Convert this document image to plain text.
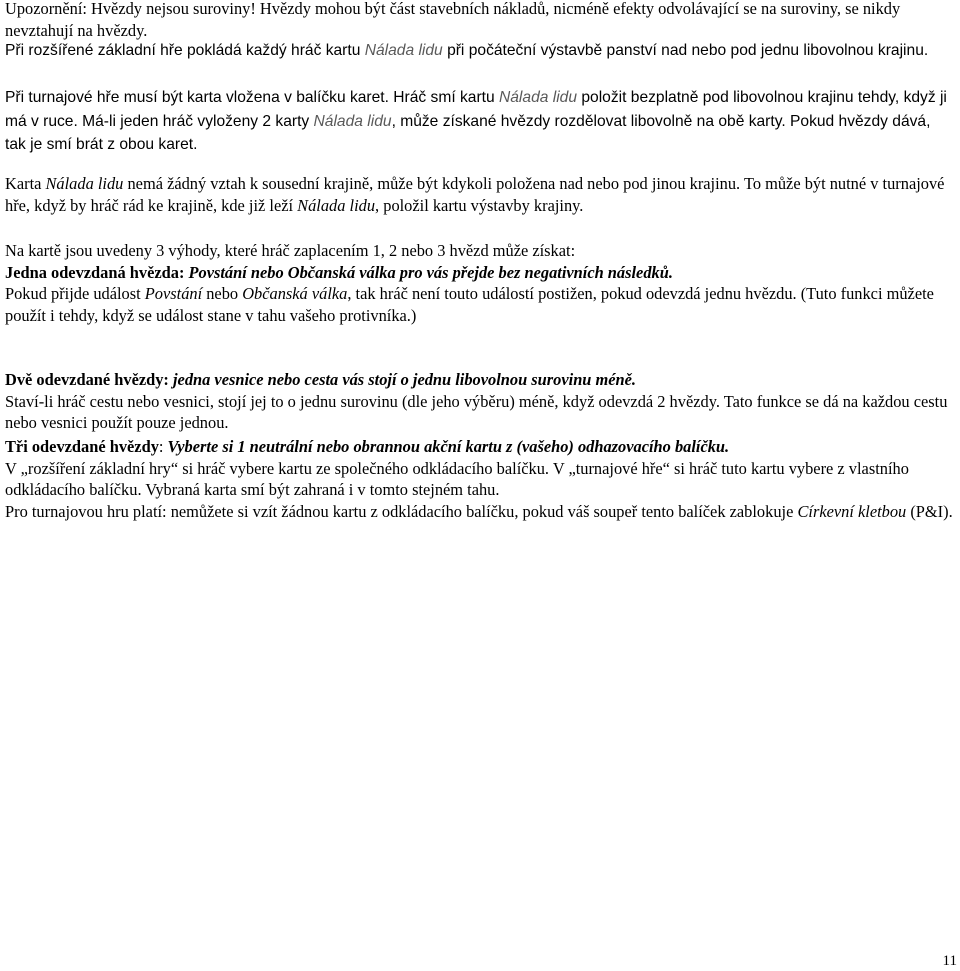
Upozornění: Hvězdy nejsou suroviny! Hvězdy mohou být část stavebních nákladů, nicméně efekty odvolávající se na suroviny, se nikdy nevztahují na hvězdy.

Při rozšířené základní hře pokládá každý hráč kartu Nálada lidu při počáteční výstavbě panství nad nebo pod jednu libovolnou krajinu.

Při turnajové hře musí být karta vložena v balíčku karet. Hráč smí kartu Nálada lidu položit bezplatně pod libovolnou krajinu tehdy, když ji má v ruce. Má-li jeden hráč vyloženy 2 karty Nálada lidu, může získané hvězdy rozdělovat libovolně na obě karty. Pokud hvězdy dává, tak je smí brát z obou karet.

Karta Nálada lidu nemá žádný vztah k sousední krajině, může být kdykoli položena nad nebo pod jinou krajinu. To může být nutné v turnajové hře, když by hráč rád ke krajině, kde již leží Nálada lidu, položil kartu výstavby krajiny.

Na kartě jsou uvedeny 3 výhody, které hráč zaplacením 1, 2 nebo 3 hvězd může získat:
Jedna odevzdaná hvězda: Povstání nebo Občanská válka pro vás přejde bez negativních následků.
Pokud přijde událost Povstání nebo Občanská válka, tak hráč není touto událostí postižen, pokud odevzdá jednu hvězdu. (Tuto funkci můžete použít i tehdy, když se událost stane v tahu vašeho protivníka.)
Dvě odevzdané hvězdy: jedna vesnice nebo cesta vás stojí o jednu libovolnou surovinu méně.
Staví-li hráč cestu nebo vesnici, stojí jej to o jednu surovinu (dle jeho výběru) méně, když odevzdá 2 hvězdy. Tato funkce se dá na každou cestu nebo vesnici použít pouze jednou.
Tři odevzdané hvězdy: Vyberte si 1 neutrální nebo obrannou akční kartu z (vašeho) odhazovacího balíčku.
V „rozšíření základní hry“ si hráč vybere kartu ze společného odkládacího balíčku. V „turnajové hře“ si hráč tuto kartu vybere z vlastního odkládacího balíčku. Vybraná karta smí být zahraná i v tomto stejném tahu.
Pro turnajovou hru platí: nemůžete si vzít žádnou kartu z odkládacího balíčku, pokud váš soupeř tento balíček zablokuje Církevní kletbou (P&I).
11
